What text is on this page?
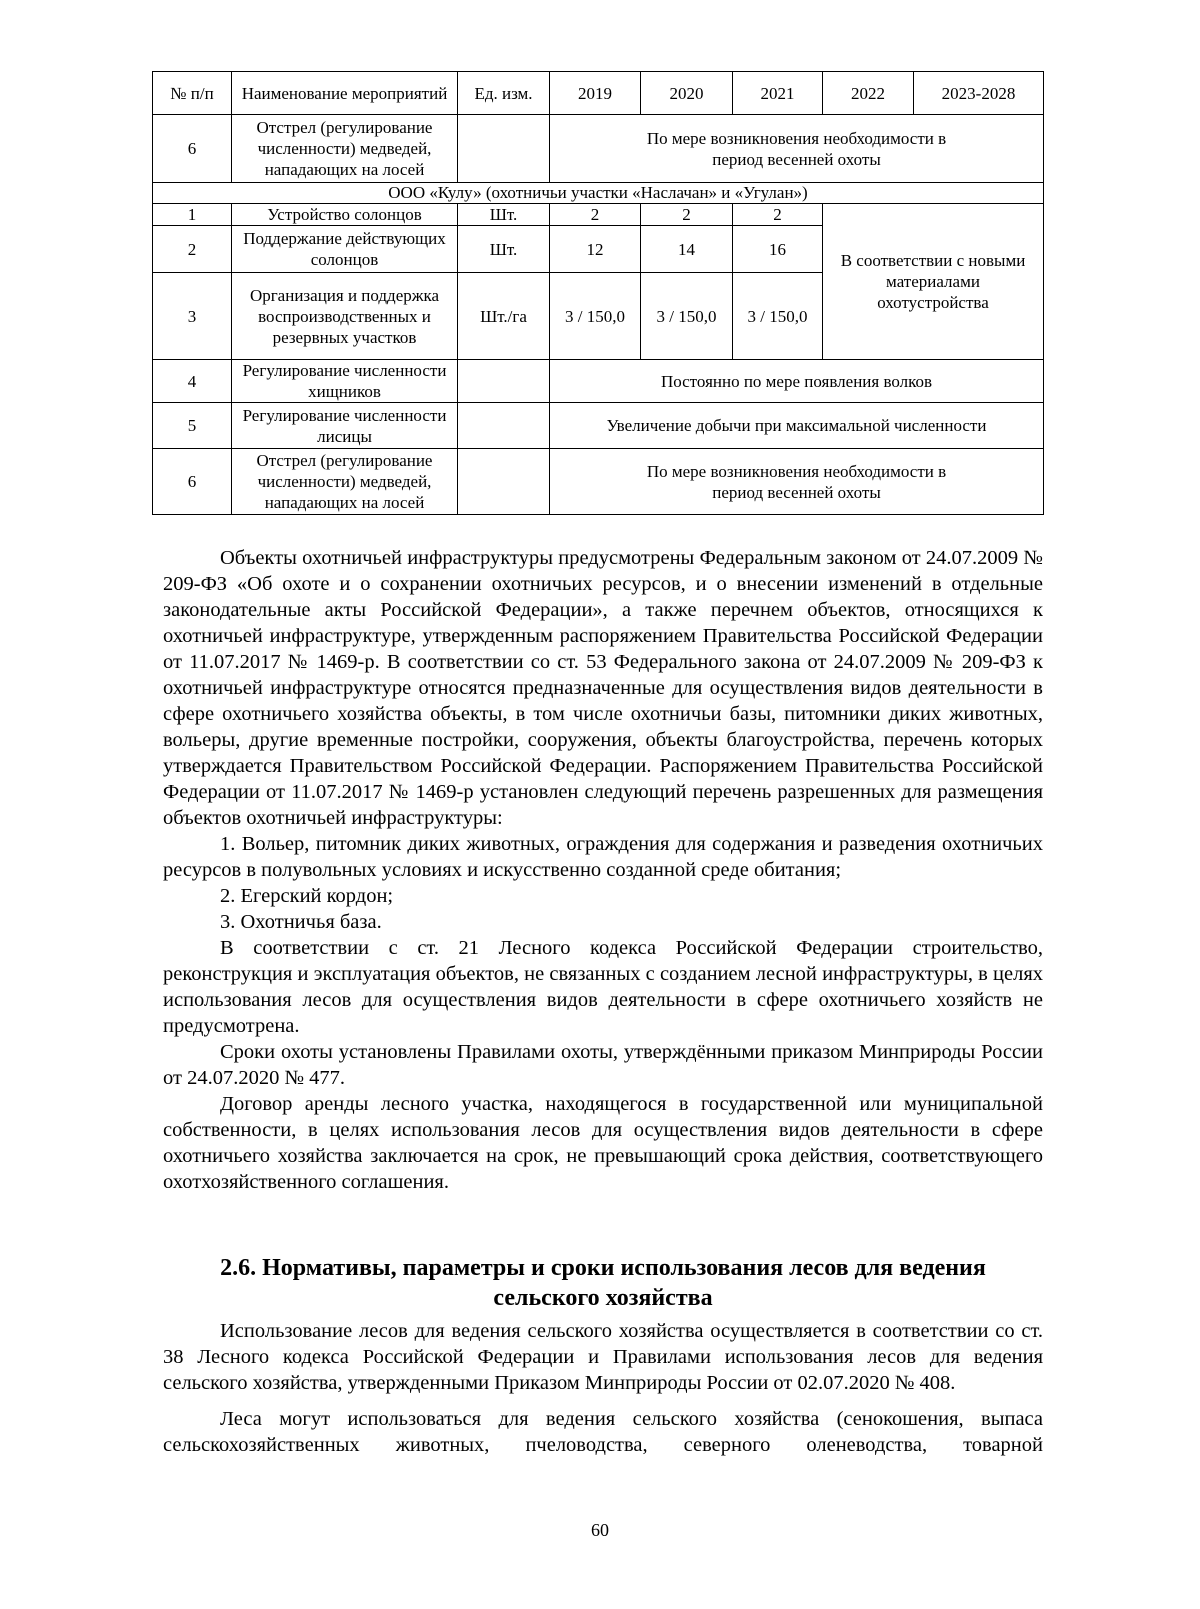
№ п/п	Наименование мероприятий	Ед. изм.	2019	2020	2021	2022	2023-2028
6	Отстрел (регулирование численности) медведей, нападающих на лосей		По мере возникновения необходимости в период весенней охоты				
ООО «Кулу» (охотничьи участки «Наслачан» и «Угулан»)							
1	Устройство солонцов	Шт.	2	2	2	В соответствии с новыми материалами охотустройства	
2	Поддержание действующих солонцов	Шт.	12	14	16		
3	Организация и поддержка воспроизводственных и резервных участков	Шт./га	3 / 150,0	3 / 150,0	3 / 150,0		
4	Регулирование численности хищников		Постоянно по мере появления волков				
5	Регулирование численности лисицы		Увеличение добычи при максимальной численности				
6	Отстрел (регулирование численности) медведей, нападающих на лосей		По мере возникновения необходимости в период весенней охоты				

Объекты охотничьей инфраструктуры предусмотрены Федеральным законом от 24.07.2009 № 209-ФЗ «Об охоте и о сохранении охотничьих ресурсов, и о внесении изменений в отдельные законодательные акты Российской Федерации», а также перечнем объектов, относящихся к охотничьей инфраструктуре, утвержденным распоряжением Правительства Российской Федерации от 11.07.2017 № 1469-р. В соответствии со ст. 53 Федерального закона от 24.07.2009 № 209-ФЗ к охотничьей инфраструктуре относятся предназначенные для осуществления видов деятельности в сфере охотничьего хозяйства объекты, в том числе охотничьи базы, питомники диких животных, вольеры, другие временные постройки, сооружения, объекты благоустройства, перечень которых утверждается Правительством Российской Федерации. Распоряжением Правительства Российской Федерации от 11.07.2017 № 1469-р установлен следующий перечень разрешенных для размещения объектов охотничьей инфраструктуры:

1. Вольер, питомник диких животных, ограждения для содержания и разведения охотничьих ресурсов в полувольных условиях и искусственно созданной среде обитания;

2. Егерский кордон;

3. Охотничья база.

В соответствии с ст. 21 Лесного кодекса Российской Федерации строительство, реконструкция и эксплуатация объектов, не связанных с созданием лесной инфраструктуры, в целях использования лесов для осуществления видов деятельности в сфере охотничьего хозяйств не предусмотрена.

Сроки охоты установлены Правилами охоты, утверждёнными приказом Минприроды России от 24.07.2020 № 477.

Договор аренды лесного участка, находящегося в государственной или муниципальной собственности, в целях использования лесов для осуществления видов деятельности в сфере охотничьего хозяйства заключается на срок, не превышающий срока действия, соответствующего охотхозяйственного соглашения.

2.6. Нормативы, параметры и сроки использования лесов для ведения
сельского хозяйства

Использование лесов для ведения сельского хозяйства осуществляется в соответствии со ст. 38 Лесного кодекса Российской Федерации и Правилами использования лесов для ведения сельского хозяйства, утвержденными Приказом Минприроды России от 02.07.2020 № 408.

Леса могут использоваться для ведения сельского хозяйства (сенокошения, выпаса сельскохозяйственных животных, пчеловодства, северного оленеводства, товарной

60
